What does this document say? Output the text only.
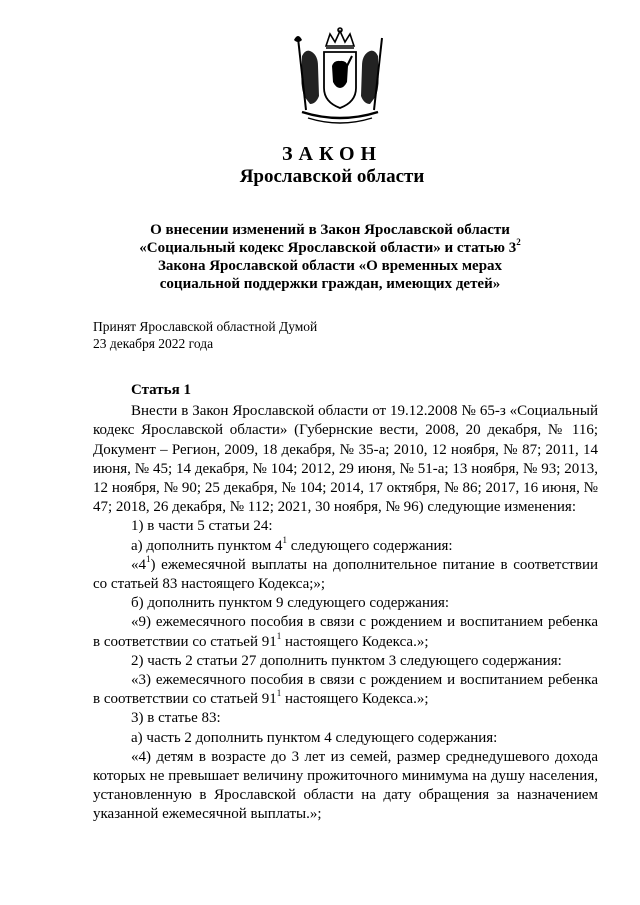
ЗАКОН
Ярославской области
О внесении изменений в Закон Ярославской области
«Социальный кодекс Ярославской области» и статью $3^2$
Закона Ярославской области «О временных мерах
социальной поддержки граждан, имеющих детей»
Принят Ярославской областной Думой
23 декабря 2022 года

Статья 1

Внести в Закон Ярославской области от 19.12.2008 № 65-з «Социальный кодекс Ярославской области» (Губернские вести, 2008, 20 декабря, № 116; Документ – Регион, 2009, 18 декабря, № 35-а; 2010, 12 ноября, № 87; 2011, 14 июня, № 45; 14 декабря, № 104; 2012, 29 июня, № 51-а; 13 ноября, № 93; 2013, 12 ноября, № 90; 25 декабря, № 104; 2014, 17 октября, № 86; 2017, 16 июня, № 47; 2018, 26 декабря, № 112; 2021, 30 ноября, № 96) следующие изменения:

1) в части 5 статьи 24:

а) дополнить пунктом $4^1$ следующего содержания:

«$4^1$) ежемесячной выплаты на дополнительное питание в соответствии со статьей 83 настоящего Кодекса;»;

б) дополнить пунктом 9 следующего содержания:

«9) ежемесячного пособия в связи с рождением и воспитанием ребенка в соответствии со статьей $91^1$ настоящего Кодекса.»;

2) часть 2 статьи 27 дополнить пунктом 3 следующего содержания:

«3) ежемесячного пособия в связи с рождением и воспитанием ребенка в соответствии со статьей $91^1$ настоящего Кодекса.»;

3) в статье 83:

а) часть 2 дополнить пунктом 4 следующего содержания:

«4) детям в возрасте до 3 лет из семей, размер среднедушевого дохода которых не превышает величину прожиточного минимума на душу населения, установленную в Ярославской области на дату обращения за назначением указанной ежемесячной выплаты.»;
